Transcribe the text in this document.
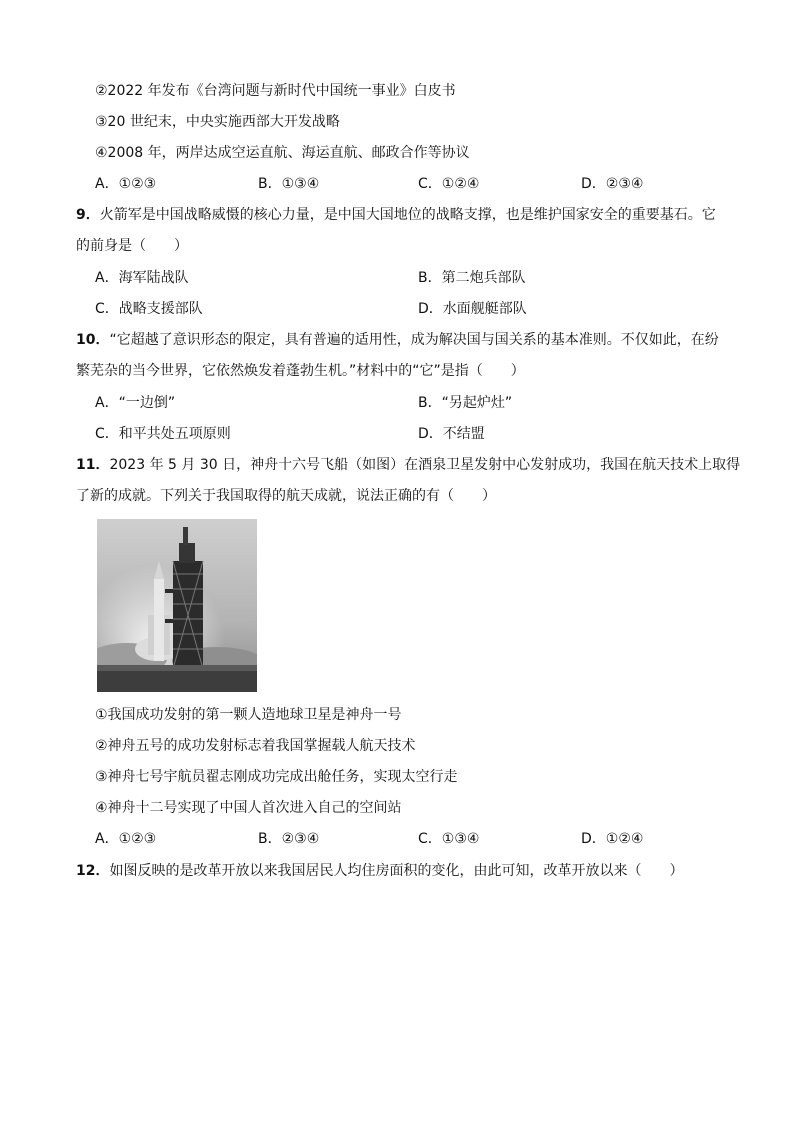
②2022 年发布《台湾问题与新时代中国统一事业》白皮书
③20 世纪末，中央实施西部大开发战略
④2008 年，两岸达成空运直航、海运直航、邮政合作等协议
A．①②③	B．①③④	C．①②④	D．②③④
9．火箭军是中国战略威慑的核心力量，是中国大国地位的战略支撑，也是维护国家安全的重要基石。它
的前身是（　　）
A．海军陆战队	B．第二炮兵部队
C．战略支援部队	D．水面舰艇部队
10．“它超越了意识形态的限定，具有普遍的适用性，成为解决国与国关系的基本准则。不仅如此，在纷
繁芜杂的当今世界，它依然焕发着蓬勃生机。”材料中的“它”是指（　　）
A．“一边倒”	B．“另起炉灶”
C．和平共处五项原则	D．不结盟
11．2023 年 5 月 30 日，神舟十六号飞船（如图）在酒泉卫星发射中心发射成功，我国在航天技术上取得
了新的成就。下列关于我国取得的航天成就，说法正确的有（　　）
①我国成功发射的第一颗人造地球卫星是神舟一号
②神舟五号的成功发射标志着我国掌握载人航天技术
③神舟七号宇航员翟志刚成功完成出舱任务，实现太空行走
④神舟十二号实现了中国人首次进入自己的空间站
A．①②③	B．②③④	C．①③④	D．①②④
12．如图反映的是改革开放以来我国居民人均住房面积的变化，由此可知，改革开放以来（　　）
